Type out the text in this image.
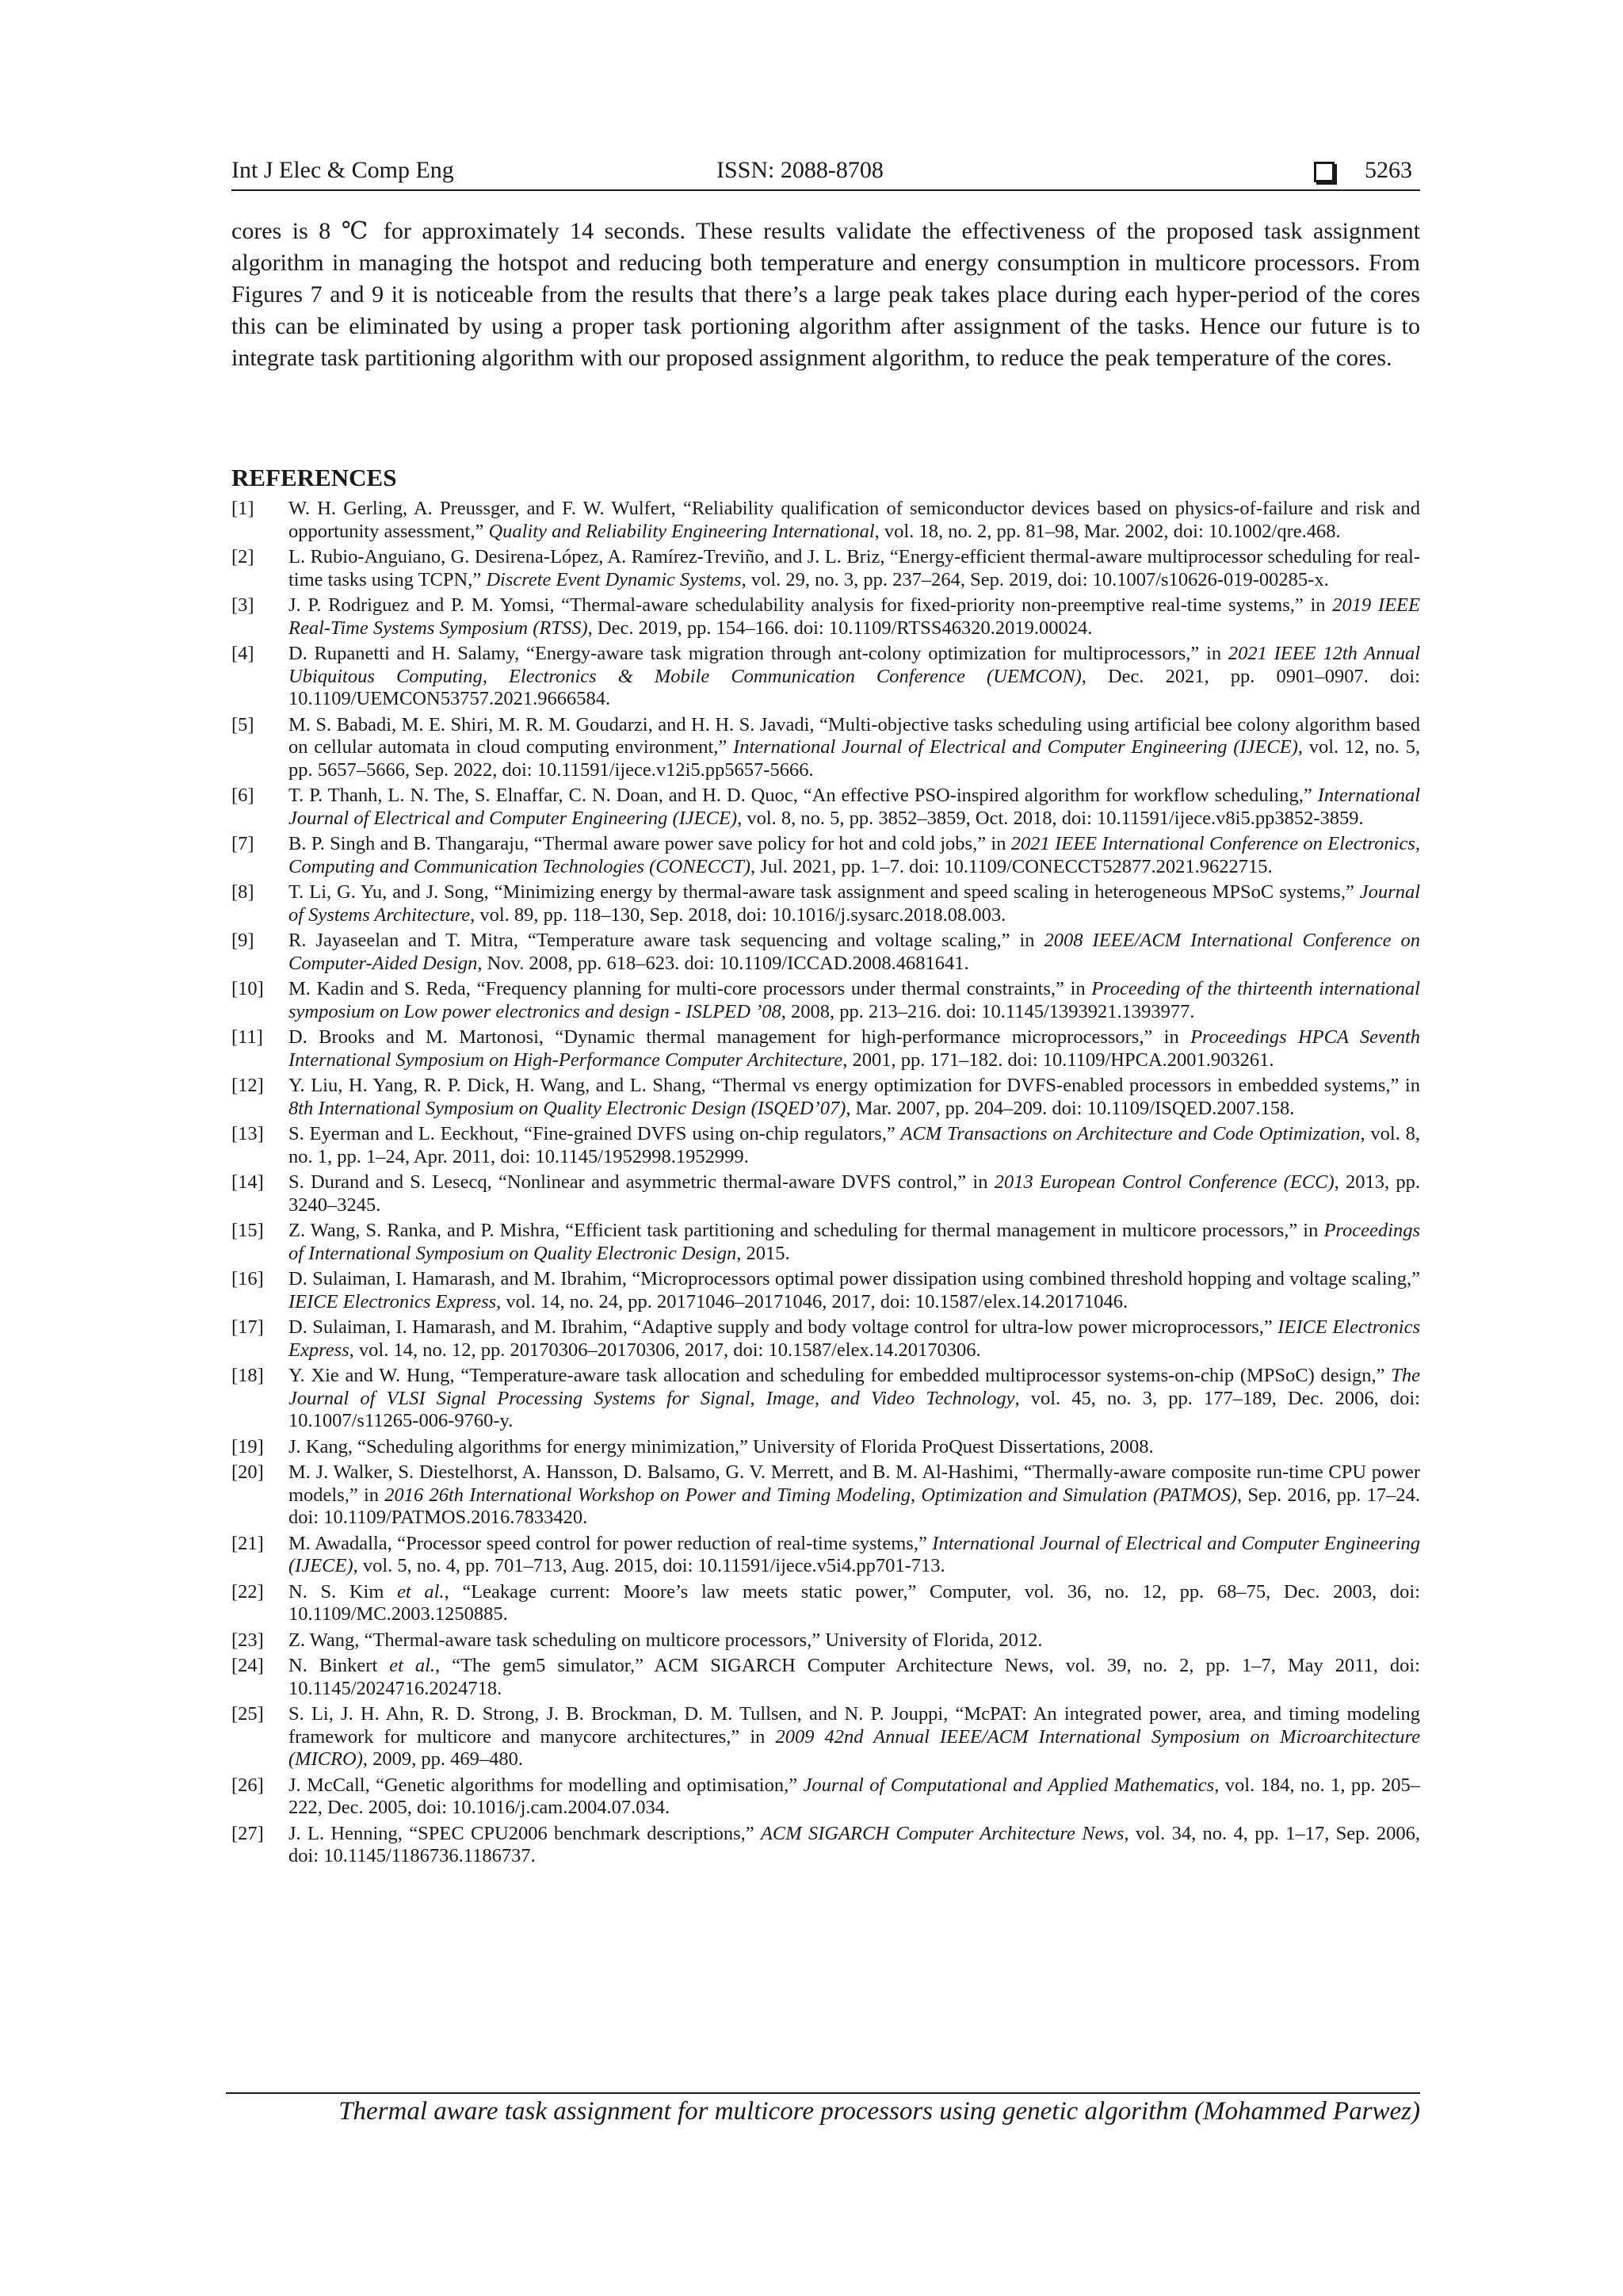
Int J Elec & Comp Eng	ISSN: 2088-8708	5263

cores is 8 ℃ for approximately 14 seconds. These results validate the effectiveness of the proposed task assignment algorithm in managing the hotspot and reducing both temperature and energy consumption in multicore processors. From Figures 7 and 9 it is noticeable from the results that there’s a large peak takes place during each hyper-period of the cores this can be eliminated by using a proper task portioning algorithm after assignment of the tasks. Hence our future is to integrate task partitioning algorithm with our proposed assignment algorithm, to reduce the peak temperature of the cores.

REFERENCES
[1] W. H. Gerling, A. Preussger, and F. W. Wulfert, “Reliability qualification of semiconductor devices based on physics-of-failure and risk and opportunity assessment,” Quality and Reliability Engineering International, vol. 18, no. 2, pp. 81–98, Mar. 2002, doi: 10.1002/qre.468.
[2] L. Rubio-Anguiano, G. Desirena-López, A. Ramírez-Treviño, and J. L. Briz, “Energy-efficient thermal-aware multiprocessor scheduling for real-time tasks using TCPN,” Discrete Event Dynamic Systems, vol. 29, no. 3, pp. 237–264, Sep. 2019, doi: 10.1007/s10626-019-00285-x.
[3] J. P. Rodriguez and P. M. Yomsi, “Thermal-aware schedulability analysis for fixed-priority non-preemptive real-time systems,” in 2019 IEEE Real-Time Systems Symposium (RTSS), Dec. 2019, pp. 154–166. doi: 10.1109/RTSS46320.2019.00024.
[4] D. Rupanetti and H. Salamy, “Energy-aware task migration through ant-colony optimization for multiprocessors,” in 2021 IEEE 12th Annual Ubiquitous Computing, Electronics & Mobile Communication Conference (UEMCON), Dec. 2021, pp. 0901–0907. doi: 10.1109/UEMCON53757.2021.9666584.
[5] M. S. Babadi, M. E. Shiri, M. R. M. Goudarzi, and H. H. S. Javadi, “Multi-objective tasks scheduling using artificial bee colony algorithm based on cellular automata in cloud computing environment,” International Journal of Electrical and Computer Engineering (IJECE), vol. 12, no. 5, pp. 5657–5666, Sep. 2022, doi: 10.11591/ijece.v12i5.pp5657-5666.
[6] T. P. Thanh, L. N. The, S. Elnaffar, C. N. Doan, and H. D. Quoc, “An effective PSO-inspired algorithm for workflow scheduling,” International Journal of Electrical and Computer Engineering (IJECE), vol. 8, no. 5, pp. 3852–3859, Oct. 2018, doi: 10.11591/ijece.v8i5.pp3852-3859.
[7] B. P. Singh and B. Thangaraju, “Thermal aware power save policy for hot and cold jobs,” in 2021 IEEE International Conference on Electronics, Computing and Communication Technologies (CONECCT), Jul. 2021, pp. 1–7. doi: 10.1109/CONECCT52877.2021.9622715.
[8] T. Li, G. Yu, and J. Song, “Minimizing energy by thermal-aware task assignment and speed scaling in heterogeneous MPSoC systems,” Journal of Systems Architecture, vol. 89, pp. 118–130, Sep. 2018, doi: 10.1016/j.sysarc.2018.08.003.
[9] R. Jayaseelan and T. Mitra, “Temperature aware task sequencing and voltage scaling,” in 2008 IEEE/ACM International Conference on Computer-Aided Design, Nov. 2008, pp. 618–623. doi: 10.1109/ICCAD.2008.4681641.
[10] M. Kadin and S. Reda, “Frequency planning for multi-core processors under thermal constraints,” in Proceeding of the thirteenth international symposium on Low power electronics and design - ISLPED ’08, 2008, pp. 213–216. doi: 10.1145/1393921.1393977.
[11] D. Brooks and M. Martonosi, “Dynamic thermal management for high-performance microprocessors,” in Proceedings HPCA Seventh International Symposium on High-Performance Computer Architecture, 2001, pp. 171–182. doi: 10.1109/HPCA.2001.903261.
[12] Y. Liu, H. Yang, R. P. Dick, H. Wang, and L. Shang, “Thermal vs energy optimization for DVFS-enabled processors in embedded systems,” in 8th International Symposium on Quality Electronic Design (ISQED’07), Mar. 2007, pp. 204–209. doi: 10.1109/ISQED.2007.158.
[13] S. Eyerman and L. Eeckhout, “Fine-grained DVFS using on-chip regulators,” ACM Transactions on Architecture and Code Optimization, vol. 8, no. 1, pp. 1–24, Apr. 2011, doi: 10.1145/1952998.1952999.
[14] S. Durand and S. Lesecq, “Nonlinear and asymmetric thermal-aware DVFS control,” in 2013 European Control Conference (ECC), 2013, pp. 3240–3245.
[15] Z. Wang, S. Ranka, and P. Mishra, “Efficient task partitioning and scheduling for thermal management in multicore processors,” in Proceedings of International Symposium on Quality Electronic Design, 2015.
[16] D. Sulaiman, I. Hamarash, and M. Ibrahim, “Microprocessors optimal power dissipation using combined threshold hopping and voltage scaling,” IEICE Electronics Express, vol. 14, no. 24, pp. 20171046–20171046, 2017, doi: 10.1587/elex.14.20171046.
[17] D. Sulaiman, I. Hamarash, and M. Ibrahim, “Adaptive supply and body voltage control for ultra-low power microprocessors,” IEICE Electronics Express, vol. 14, no. 12, pp. 20170306–20170306, 2017, doi: 10.1587/elex.14.20170306.
[18] Y. Xie and W. Hung, “Temperature-aware task allocation and scheduling for embedded multiprocessor systems-on-chip (MPSoC) design,” The Journal of VLSI Signal Processing Systems for Signal, Image, and Video Technology, vol. 45, no. 3, pp. 177–189, Dec. 2006, doi: 10.1007/s11265-006-9760-y.
[19] J. Kang, “Scheduling algorithms for energy minimization,” University of Florida ProQuest Dissertations, 2008.
[20] M. J. Walker, S. Diestelhorst, A. Hansson, D. Balsamo, G. V. Merrett, and B. M. Al-Hashimi, “Thermally-aware composite run-time CPU power models,” in 2016 26th International Workshop on Power and Timing Modeling, Optimization and Simulation (PATMOS), Sep. 2016, pp. 17–24. doi: 10.1109/PATMOS.2016.7833420.
[21] M. Awadalla, “Processor speed control for power reduction of real-time systems,” International Journal of Electrical and Computer Engineering (IJECE), vol. 5, no. 4, pp. 701–713, Aug. 2015, doi: 10.11591/ijece.v5i4.pp701-713.
[22] N. S. Kim et al., “Leakage current: Moore’s law meets static power,” Computer, vol. 36, no. 12, pp. 68–75, Dec. 2003, doi: 10.1109/MC.2003.1250885.
[23] Z. Wang, “Thermal-aware task scheduling on multicore processors,” University of Florida, 2012.
[24] N. Binkert et al., “The gem5 simulator,” ACM SIGARCH Computer Architecture News, vol. 39, no. 2, pp. 1–7, May 2011, doi: 10.1145/2024716.2024718.
[25] S. Li, J. H. Ahn, R. D. Strong, J. B. Brockman, D. M. Tullsen, and N. P. Jouppi, “McPAT: An integrated power, area, and timing modeling framework for multicore and manycore architectures,” in 2009 42nd Annual IEEE/ACM International Symposium on Microarchitecture (MICRO), 2009, pp. 469–480.
[26] J. McCall, “Genetic algorithms for modelling and optimisation,” Journal of Computational and Applied Mathematics, vol. 184, no. 1, pp. 205–222, Dec. 2005, doi: 10.1016/j.cam.2004.07.034.
[27] J. L. Henning, “SPEC CPU2006 benchmark descriptions,” ACM SIGARCH Computer Architecture News, vol. 34, no. 4, pp. 1–17, Sep. 2006, doi: 10.1145/1186736.1186737.
Thermal aware task assignment for multicore processors using genetic algorithm (Mohammed Parwez)
